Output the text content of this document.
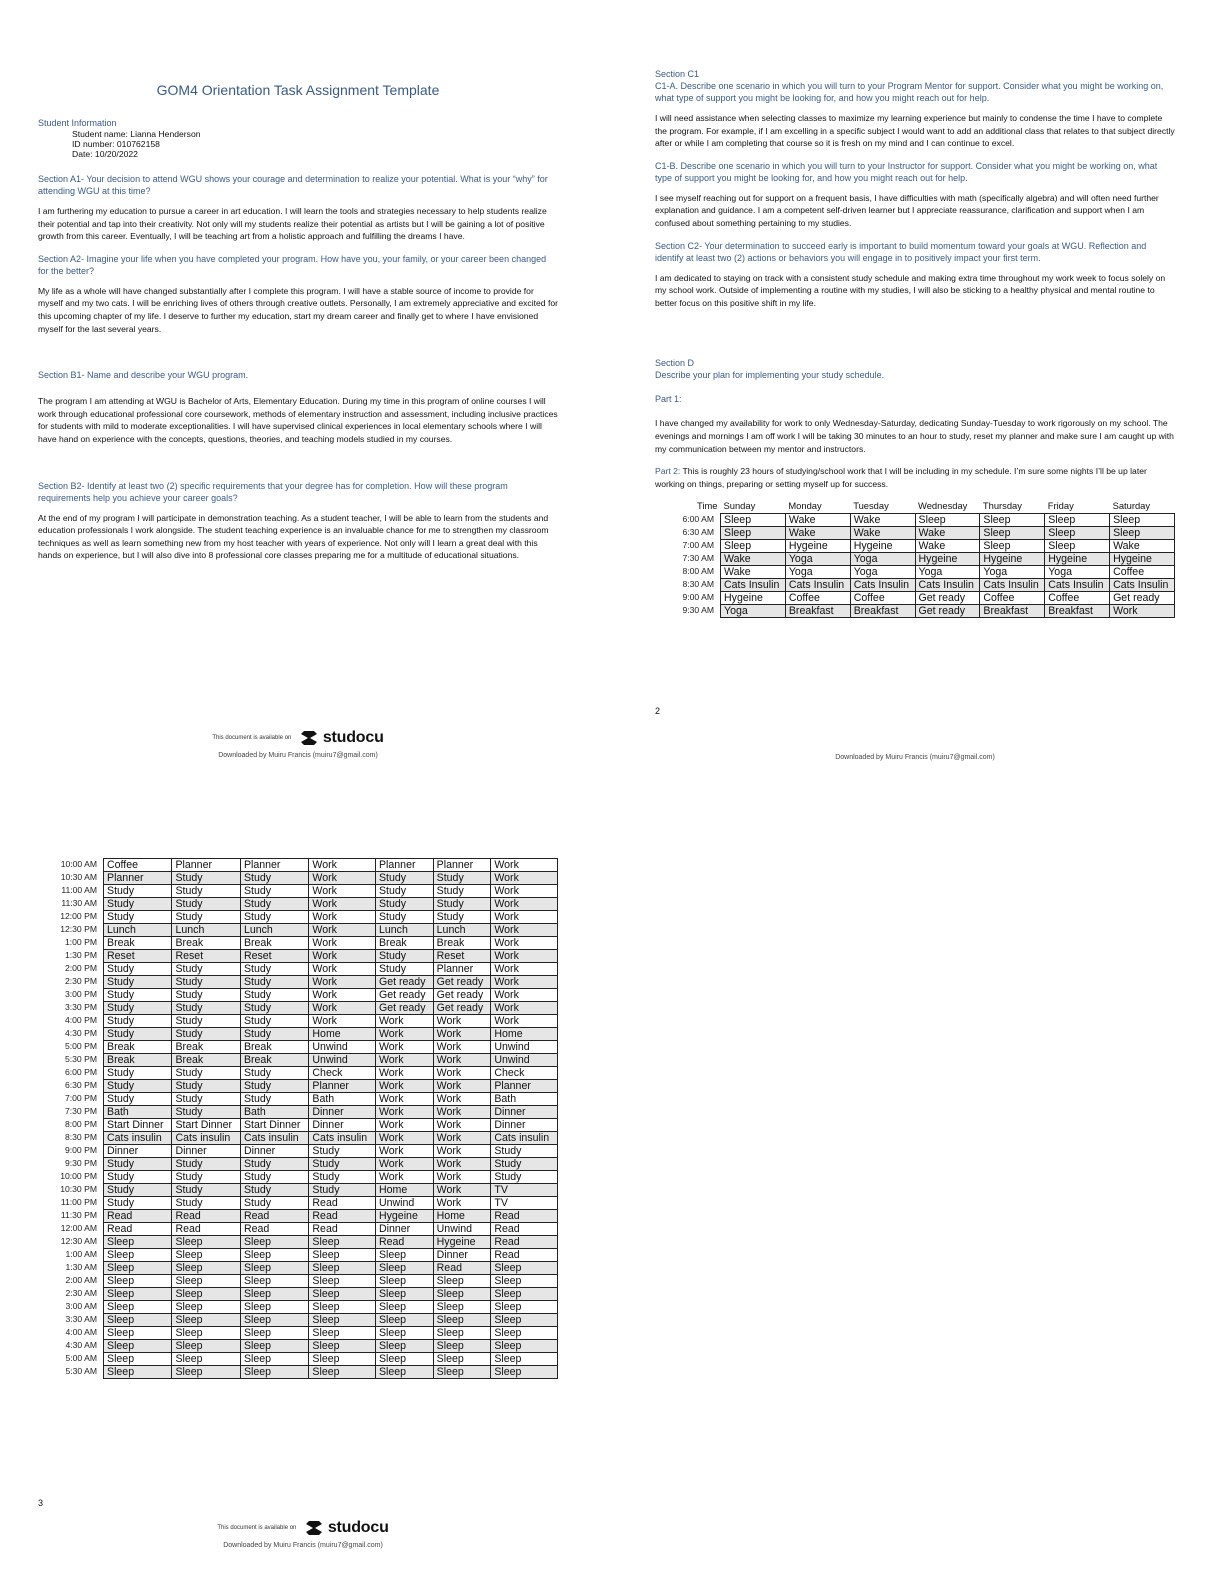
GOM4 Orientation Task Assignment Template
Student Information
Student name: Lianna Henderson
ID number: 010762158
Date: 10/20/2022

Section A1- Your decision to attend WGU shows your courage and determination to realize your potential. What is your “why” for attending WGU at this time?

I am furthering my education to pursue a career in art education. I will learn the tools and strategies necessary to help students realize their potential and tap into their creativity. Not only will my students realize their potential as artists but I will be gaining a lot of positive growth from this career. Eventually, I will be teaching art from a holistic approach and fulfilling the dreams I have.

Section A2- Imagine your life when you have completed your program. How have you, your family, or your career been changed for the better?

My life as a whole will have changed substantially after I complete this program. I will have a stable source of income to provide for myself and my two cats. I will be enriching lives of others through creative outlets. Personally, I am extremely appreciative and excited for this upcoming chapter of my life. I deserve to further my education, start my dream career and finally get to where I have envisioned myself for the last several years.

Section B1- Name and describe your WGU program.

The program I am attending at WGU is Bachelor of Arts, Elementary Education. During my time in this program of online courses I will work through educational professional core coursework, methods of elementary instruction and assessment, including inclusive practices for students with mild to moderate exceptionalities. I will have supervised clinical experiences in local elementary schools where I will have hand on experience with the concepts, questions, theories, and teaching models studied in my courses.

Section B2- Identify at least two (2) specific requirements that your degree has for completion. How will these program requirements help you achieve your career goals?

At the end of my program I will participate in demonstration teaching. As a student teacher, I will be able to learn from the students and education professionals I work alongside. The student teaching experience is an invaluable chance for me to strengthen my classroom techniques as well as learn something new from my host teacher with years of experience. Not only will I learn a great deal with this hands on experience, but I will also dive into 8 professional core classes preparing me for a multitude of educational situations.

This document is available on studocu
Downloaded by Muiru Francis (muiru7@gmail.com)

Section C1

C1-A. Describe one scenario in which you will turn to your Program Mentor for support. Consider what you might be working on, what type of support you might be looking for, and how you might reach out for help.

I will need assistance when selecting classes to maximize my learning experience but mainly to condense the time I have to complete the program. For example, if I am excelling in a specific subject I would want to add an additional class that relates to that subject directly after or while I am completing that course so it is fresh on my mind and I can continue to excel.

C1-B. Describe one scenario in which you will turn to your Instructor for support. Consider what you might be working on, what type of support you might be looking for, and how you might reach out for help.

I see myself reaching out for support on a frequent basis, I have difficulties with math (specifically algebra) and will often need further explanation and guidance. I am a competent self-driven learner but I appreciate reassurance, clarification and support when I am confused about something pertaining to my studies.

Section C2- Your determination to succeed early is important to build momentum toward your goals at WGU. Reflection and identify at least two (2) actions or behaviors you will engage in to positively impact your first term.

I am dedicated to staying on track with a consistent study schedule and making extra time throughout my work week to focus solely on my school work. Outside of implementing a routine with my studies, I will also be sticking to a healthy physical and mental routine to better focus on this positive shift in my life.

Section D

Describe your plan for implementing your study schedule.

Part 1:

I have changed my availability for work to only Wednesday-Saturday, dedicating Sunday-Tuesday to work rigorously on my school. The evenings and mornings I am off work I will be taking 30 minutes to an hour to study, reset my planner and make sure I am caught up with my communication between my mentor and instructors.

Part 2: This is roughly 23 hours of studying/school work that I will be including in my schedule. I’m sure some nights I’ll be up later working on things, preparing or setting myself up for success.

Time	Sunday	Monday	Tuesday	Wednesday	Thursday	Friday	Saturday
6:00 AM	Sleep	Wake	Wake	Sleep	Sleep	Sleep	Sleep
6:30 AM	Sleep	Wake	Wake	Wake	Sleep	Sleep	Sleep
7:00 AM	Sleep	Hygeine	Hygeine	Wake	Sleep	Sleep	Wake
7:30 AM	Wake	Yoga	Yoga	Hygeine	Hygeine	Hygeine	Hygeine
8:00 AM	Wake	Yoga	Yoga	Yoga	Yoga	Yoga	Coffee
8:30 AM	Cats Insulin	Cats Insulin	Cats Insulin	Cats Insulin	Cats Insulin	Cats Insulin	Cats Insulin
9:00 AM	Hygeine	Coffee	Coffee	Get ready	Coffee	Coffee	Get ready
9:30 AM	Yoga	Breakfast	Breakfast	Get ready	Breakfast	Breakfast	Work
2
Downloaded by Muiru Francis (muiru7@gmail.com)
10:00 AM	Coffee	Planner	Planner	Work	Planner	Planner	Work
10:30 AM	Planner	Study	Study	Work	Study	Study	Work
11:00 AM	Study	Study	Study	Work	Study	Study	Work
11:30 AM	Study	Study	Study	Work	Study	Study	Work
12:00 PM	Study	Study	Study	Work	Study	Study	Work
12:30 PM	Lunch	Lunch	Lunch	Work	Lunch	Lunch	Work
1:00 PM	Break	Break	Break	Work	Break	Break	Work
1:30 PM	Reset	Reset	Reset	Work	Study	Reset	Work
2:00 PM	Study	Study	Study	Work	Study	Planner	Work
2:30 PM	Study	Study	Study	Work	Get ready	Get ready	Work
3:00 PM	Study	Study	Study	Work	Get ready	Get ready	Work
3:30 PM	Study	Study	Study	Work	Get ready	Get ready	Work
4:00 PM	Study	Study	Study	Work	Work	Work	Work
4:30 PM	Study	Study	Study	Home	Work	Work	Home
5:00 PM	Break	Break	Break	Unwind	Work	Work	Unwind
5:30 PM	Break	Break	Break	Unwind	Work	Work	Unwind
6:00 PM	Study	Study	Study	Check	Work	Work	Check
6:30 PM	Study	Study	Study	Planner	Work	Work	Planner
7:00 PM	Study	Study	Study	Bath	Work	Work	Bath
7:30 PM	Bath	Study	Bath	Dinner	Work	Work	Dinner
8:00 PM	Start Dinner	Start Dinner	Start Dinner	Dinner	Work	Work	Dinner
8:30 PM	Cats insulin	Cats insulin	Cats insulin	Cats insulin	Work	Work	Cats insulin
9:00 PM	Dinner	Dinner	Dinner	Study	Work	Work	Study
9:30 PM	Study	Study	Study	Study	Work	Work	Study
10:00 PM	Study	Study	Study	Study	Work	Work	Study
10:30 PM	Study	Study	Study	Study	Home	Work	TV
11:00 PM	Study	Study	Study	Read	Unwind	Work	TV
11:30 PM	Read	Read	Read	Read	Hygeine	Home	Read
12:00 AM	Read	Read	Read	Read	Dinner	Unwind	Read
12:30 AM	Sleep	Sleep	Sleep	Sleep	Read	Hygeine	Read
1:00 AM	Sleep	Sleep	Sleep	Sleep	Sleep	Dinner	Read
1:30 AM	Sleep	Sleep	Sleep	Sleep	Sleep	Read	Sleep
2:00 AM	Sleep	Sleep	Sleep	Sleep	Sleep	Sleep	Sleep
2:30 AM	Sleep	Sleep	Sleep	Sleep	Sleep	Sleep	Sleep
3:00 AM	Sleep	Sleep	Sleep	Sleep	Sleep	Sleep	Sleep
3:30 AM	Sleep	Sleep	Sleep	Sleep	Sleep	Sleep	Sleep
4:00 AM	Sleep	Sleep	Sleep	Sleep	Sleep	Sleep	Sleep
4:30 AM	Sleep	Sleep	Sleep	Sleep	Sleep	Sleep	Sleep
5:00 AM	Sleep	Sleep	Sleep	Sleep	Sleep	Sleep	Sleep
5:30 AM	Sleep	Sleep	Sleep	Sleep	Sleep	Sleep	Sleep
3
This document is available on studocu
Downloaded by Muiru Francis (muiru7@gmail.com)
